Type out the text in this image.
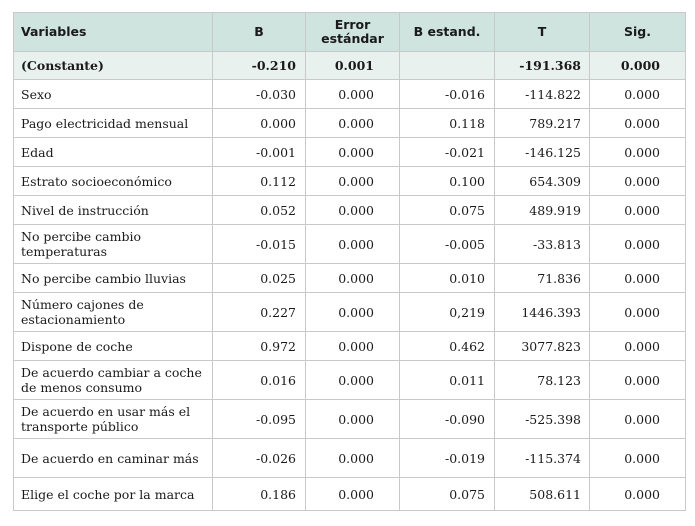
Variables	B	Error estándar	B estand.	T	Sig.
(Constante)	-0.210	0.001		-191.368	0.000
Sexo	-0.030	0.000	-0.016	-114.822	0.000
Pago electricidad mensual	0.000	0.000	0.118	789.217	0.000
Edad	-0.001	0.000	-0.021	-146.125	0.000
Estrato socioeconómico	0.112	0.000	0.100	654.309	0.000
Nivel de instrucción	0.052	0.000	0.075	489.919	0.000
No percibe cambio temperaturas	-0.015	0.000	-0.005	-33.813	0.000
No percibe cambio lluvias	0.025	0.000	0.010	71.836	0.000
Número cajones de estacionamiento	0.227	0.000	0,219	1446.393	0.000
Dispone de coche	0.972	0.000	0.462	3077.823	0.000
De acuerdo cambiar a coche de menos consumo	0.016	0.000	0.011	78.123	0.000
De acuerdo en usar más el transporte público	-0.095	0.000	-0.090	-525.398	0.000
De acuerdo en caminar más	-0.026	0.000	-0.019	-115.374	0.000
Elige el coche por la marca	0.186	0.000	0.075	508.611	0.000
